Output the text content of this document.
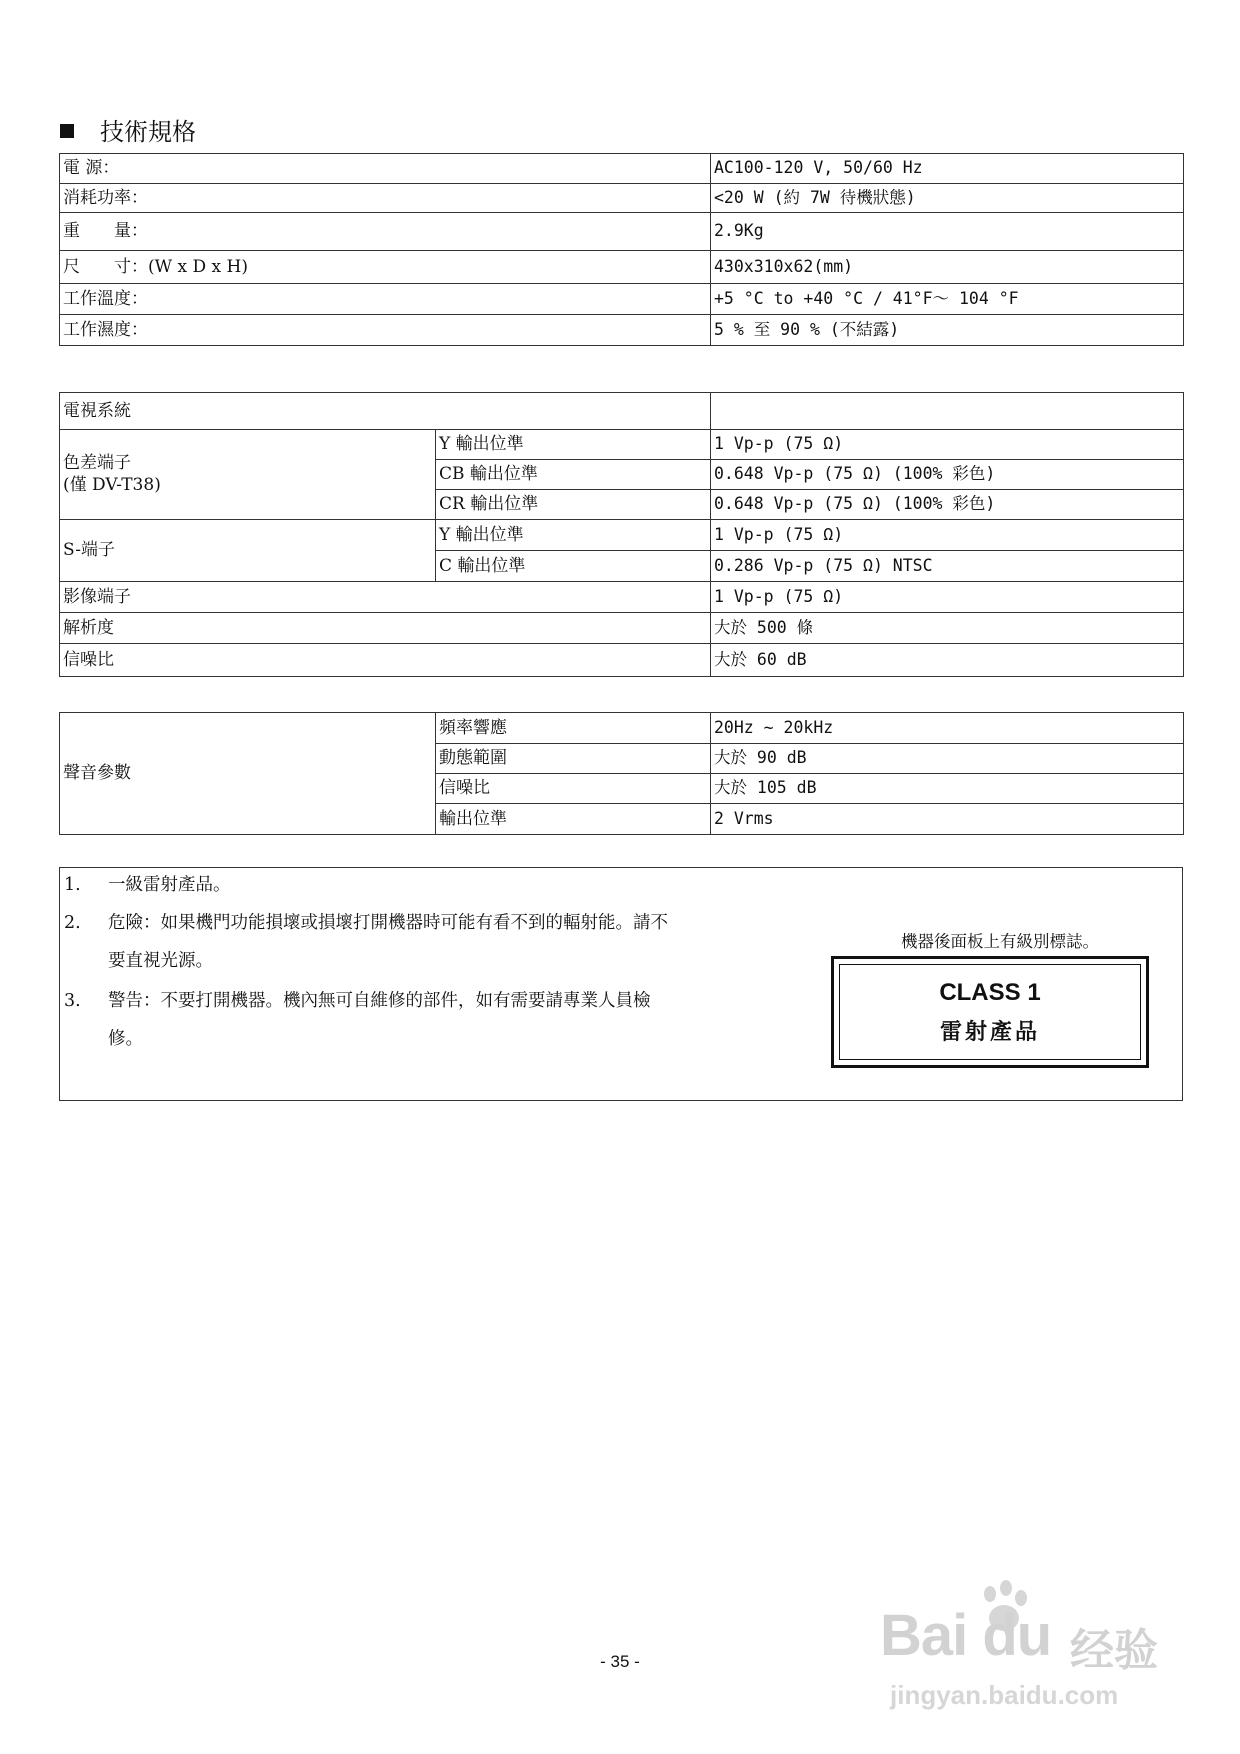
技術規格
電 源：	AC100-120 V, 50/60 Hz
消耗功率：	<20 W (約 7W 待機狀態)
重　　量：	2.9Kg
尺　　寸：(W x D x H)	430x310x62(mm)
工作溫度：	+5 °C to +40 °C / 41°F～ 104 °F
工作濕度：	5 % 至 90 % (不結露)
電視系統		

色差端子
(僅 DV-T38)	Y 輸出位準	1 Vp-p (75 Ω)
	CB 輸出位準	0.648 Vp-p (75 Ω) (100% 彩色)
	CR 輸出位準	0.648 Vp-p (75 Ω) (100% 彩色)
S-端子	Y 輸出位準	1 Vp-p (75 Ω)
	C 輸出位準	0.286 Vp-p (75 Ω) NTSC
影像端子		1 Vp-p (75 Ω)
解析度		大於 500 條
信噪比		大於 60 dB
聲音參數	頻率響應	20Hz ~ 20kHz
	動態範圍	大於 90 dB
	信噪比	大於 105 dB
	輸出位準	2 Vrms
1. 一級雷射產品。
2. 危險：如果機門功能損壞或損壞打開機器時可能有看不到的輻射能。請不
要直視光源。
3. 警告：不要打開機器。機內無可自維修的部件，如有需要請專業人員檢
修。
機器後面板上有級別標誌。
CLASS 1
雷射產品
- 35 -	Bai du 经验
jingyan.baidu.com
